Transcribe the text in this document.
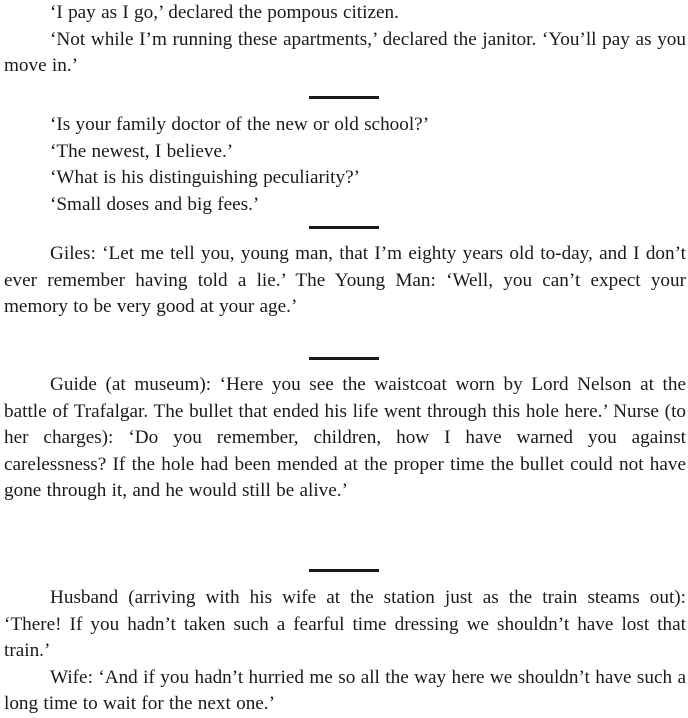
‘I pay as I go,’ declared the pompous citizen.

‘Not while I’m running these apartments,’ declared the janitor. ‘You’ll pay as you move in.’

‘Is your family doctor of the new or old school?’

‘The newest, I believe.’

‘What is his distinguishing peculiarity?’

‘Small doses and big fees.’

Giles: ‘Let me tell you, young man, that I’m eighty years old to-day, and I don’t ever remember having told a lie.’ The Young Man: ‘Well, you can’t expect your memory to be very good at your age.’

Guide (at museum): ‘Here you see the waistcoat worn by Lord Nelson at the battle of Trafalgar. The bullet that ended his life went through this hole here.’ Nurse (to her charges): ‘Do you remember, children, how I have warned you against carelessness? If the hole had been mended at the proper time the bullet could not have gone through it, and he would still be alive.’

Husband (arriving with his wife at the station just as the train steams out): ‘There! If you hadn’t taken such a fearful time dressing we shouldn’t have lost that train.’

Wife: ‘And if you hadn’t hurried me so all the way here we shouldn’t have such a long time to wait for the next one.’
